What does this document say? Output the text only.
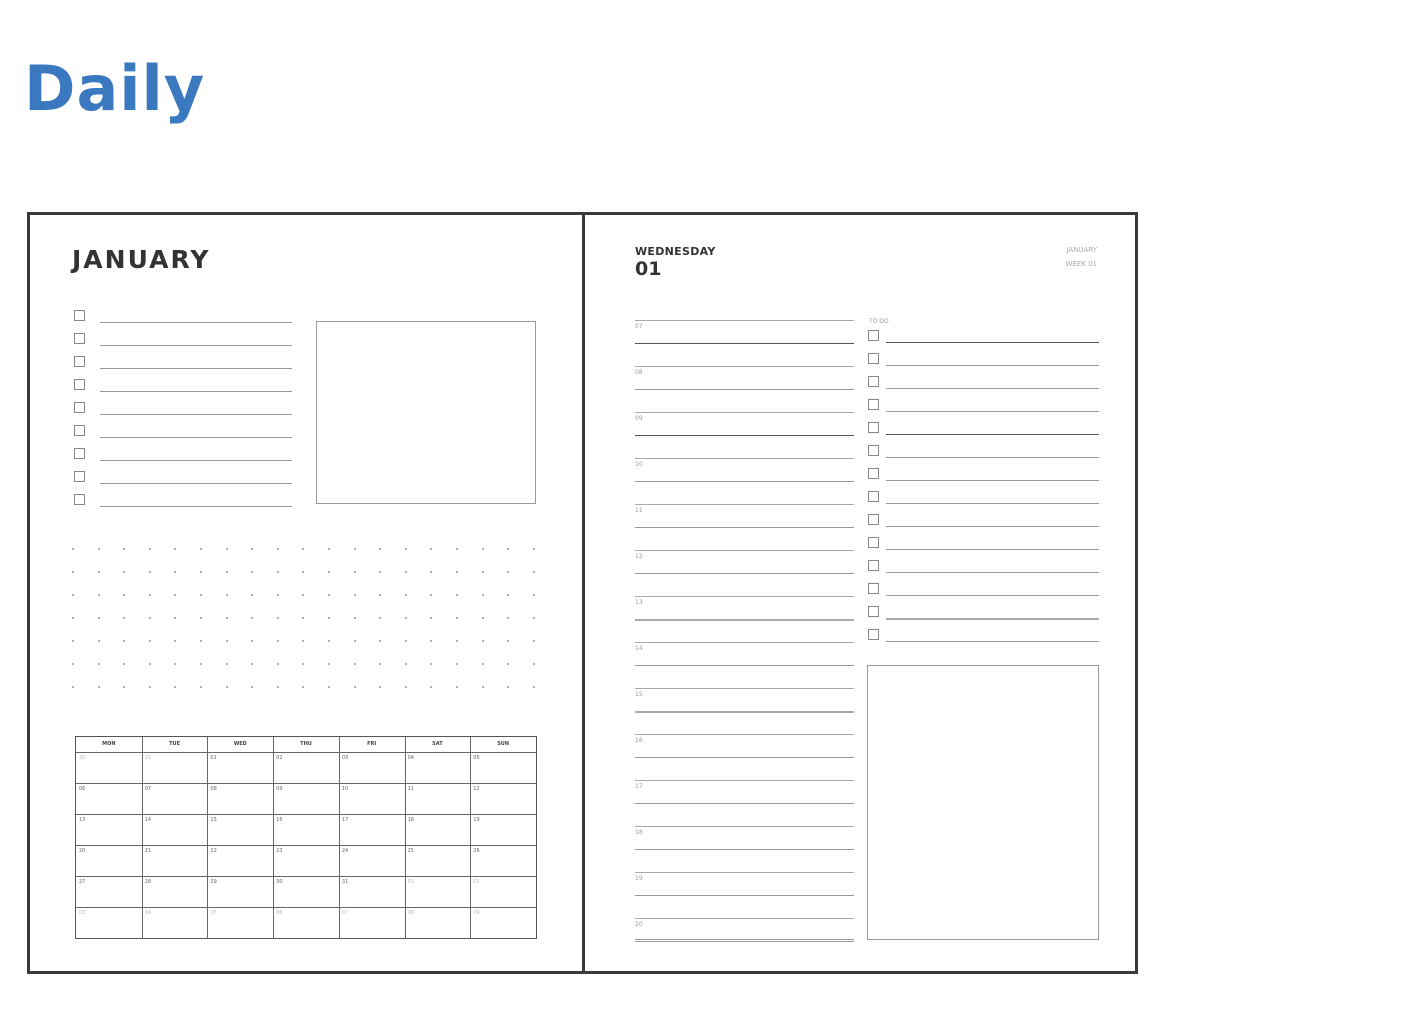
Daily
JANUARY
MON	TUE	WED	THU	FRI	SAT	SUN
30	31	01	02	03	04	05
06	07	08	09	10	11	12
13	14	15	16	17	18	19
20	21	22	23	24	25	26
27	28	29	30	31	01	02
03	04	05	06	07	08	09
WEDNESDAY
01
JANUARY
WEEK 01
07
08
09
10
11
12
13
14
15
16
17
18
19
20
TO DO
